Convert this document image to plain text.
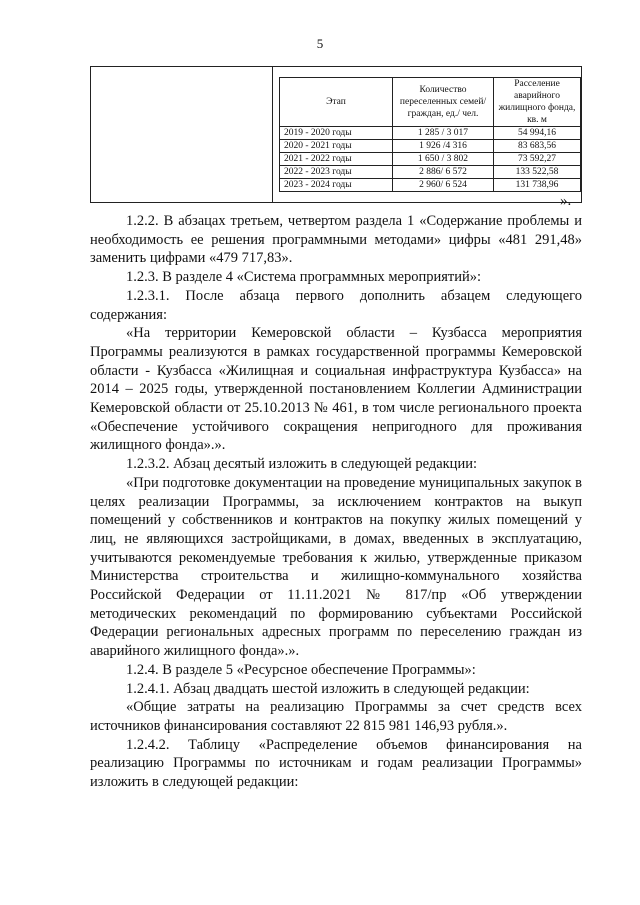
5

Этап	Количество переселенных семей/граждан, ед./ чел.	Расселение аварийного жилищного фонда, кв. м
2019 - 2020 годы	1 285 / 3 017	54 994,16
2020 - 2021 годы	1 926 /4 316	83 683,56
2021 - 2022 годы	1 650 / 3 802	73 592,27
2022 - 2023 годы	2 886/ 6 572	133 522,58
2023 - 2024 годы	2 960/ 6 524	131 738,96
».

1.2.2. В абзацах третьем, четвертом раздела 1 «Содержание проблемы и необходимость ее решения программными методами» цифры «481 291,48» заменить цифрами «479 717,83».

1.2.3. В разделе 4 «Система программных мероприятий»:

1.2.3.1. После абзаца первого дополнить абзацем следующего содержания:

«На территории Кемеровской области – Кузбасса мероприятия Программы реализуются в рамках государственной программы Кемеровской области - Кузбасса «Жилищная и социальная инфраструктура Кузбасса» на 2014 – 2025 годы, утвержденной постановлением Коллегии Администрации Кемеровской области от 25.10.2013 № 461, в том числе регионального проекта «Обеспечение устойчивого сокращения непригодного для проживания жилищного фонда».».

1.2.3.2. Абзац десятый изложить в следующей редакции:

«При подготовке документации на проведение муниципальных закупок в целях реализации Программы, за исключением контрактов на выкуп помещений у собственников и контрактов на покупку жилых помещений у лиц, не являющихся застройщиками, в домах, введенных в эксплуатацию, учитываются рекомендуемые требования к жилью, утвержденные приказом Министерства строительства и жилищно-коммунального хозяйства Российской Федерации от 11.11.2021 № 817/пр «Об утверждении методических рекомендаций по формированию субъектами Российской Федерации региональных адресных программ по переселению граждан из аварийного жилищного фонда».».

1.2.4. В разделе 5 «Ресурсное обеспечение Программы»:

1.2.4.1. Абзац двадцать шестой изложить в следующей редакции:

«Общие затраты на реализацию Программы за счет средств всех источников финансирования составляют 22 815 981 146,93 рубля.».

1.2.4.2. Таблицу «Распределение объемов финансирования на реализацию Программы по источникам и годам реализации Программы» изложить в следующей редакции:
